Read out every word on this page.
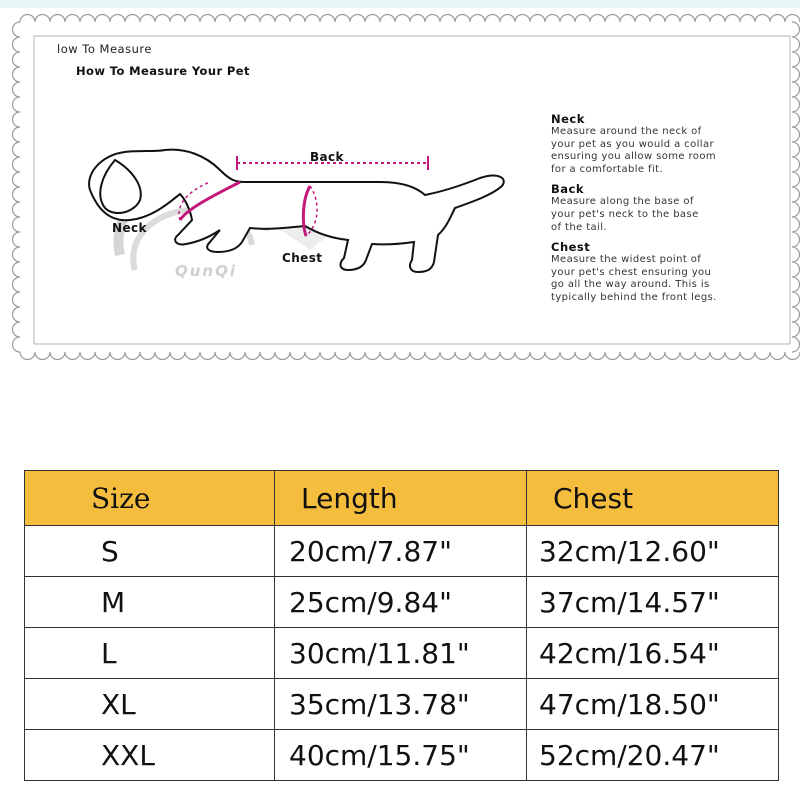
low To Measure

How To Measure Your Pet

Back
Neck
Chest
QunQi

Neck

Measure around the neck of
your pet as you would a collar
ensuring you allow some room
for a comfortable fit.

Back

Measure along the base of
your pet's neck to the base
of the tail.

Chest

Measure the widest point of
your pet's chest ensuring you
go all the way around. This is
typically behind the front legs.

Size	Length	Chest
S	20cm/7.87"	32cm/12.60"
M	25cm/9.84"	37cm/14.57"
L	30cm/11.81"	42cm/16.54"
XL	35cm/13.78"	47cm/18.50"
XXL	40cm/15.75"	52cm/20.47"
